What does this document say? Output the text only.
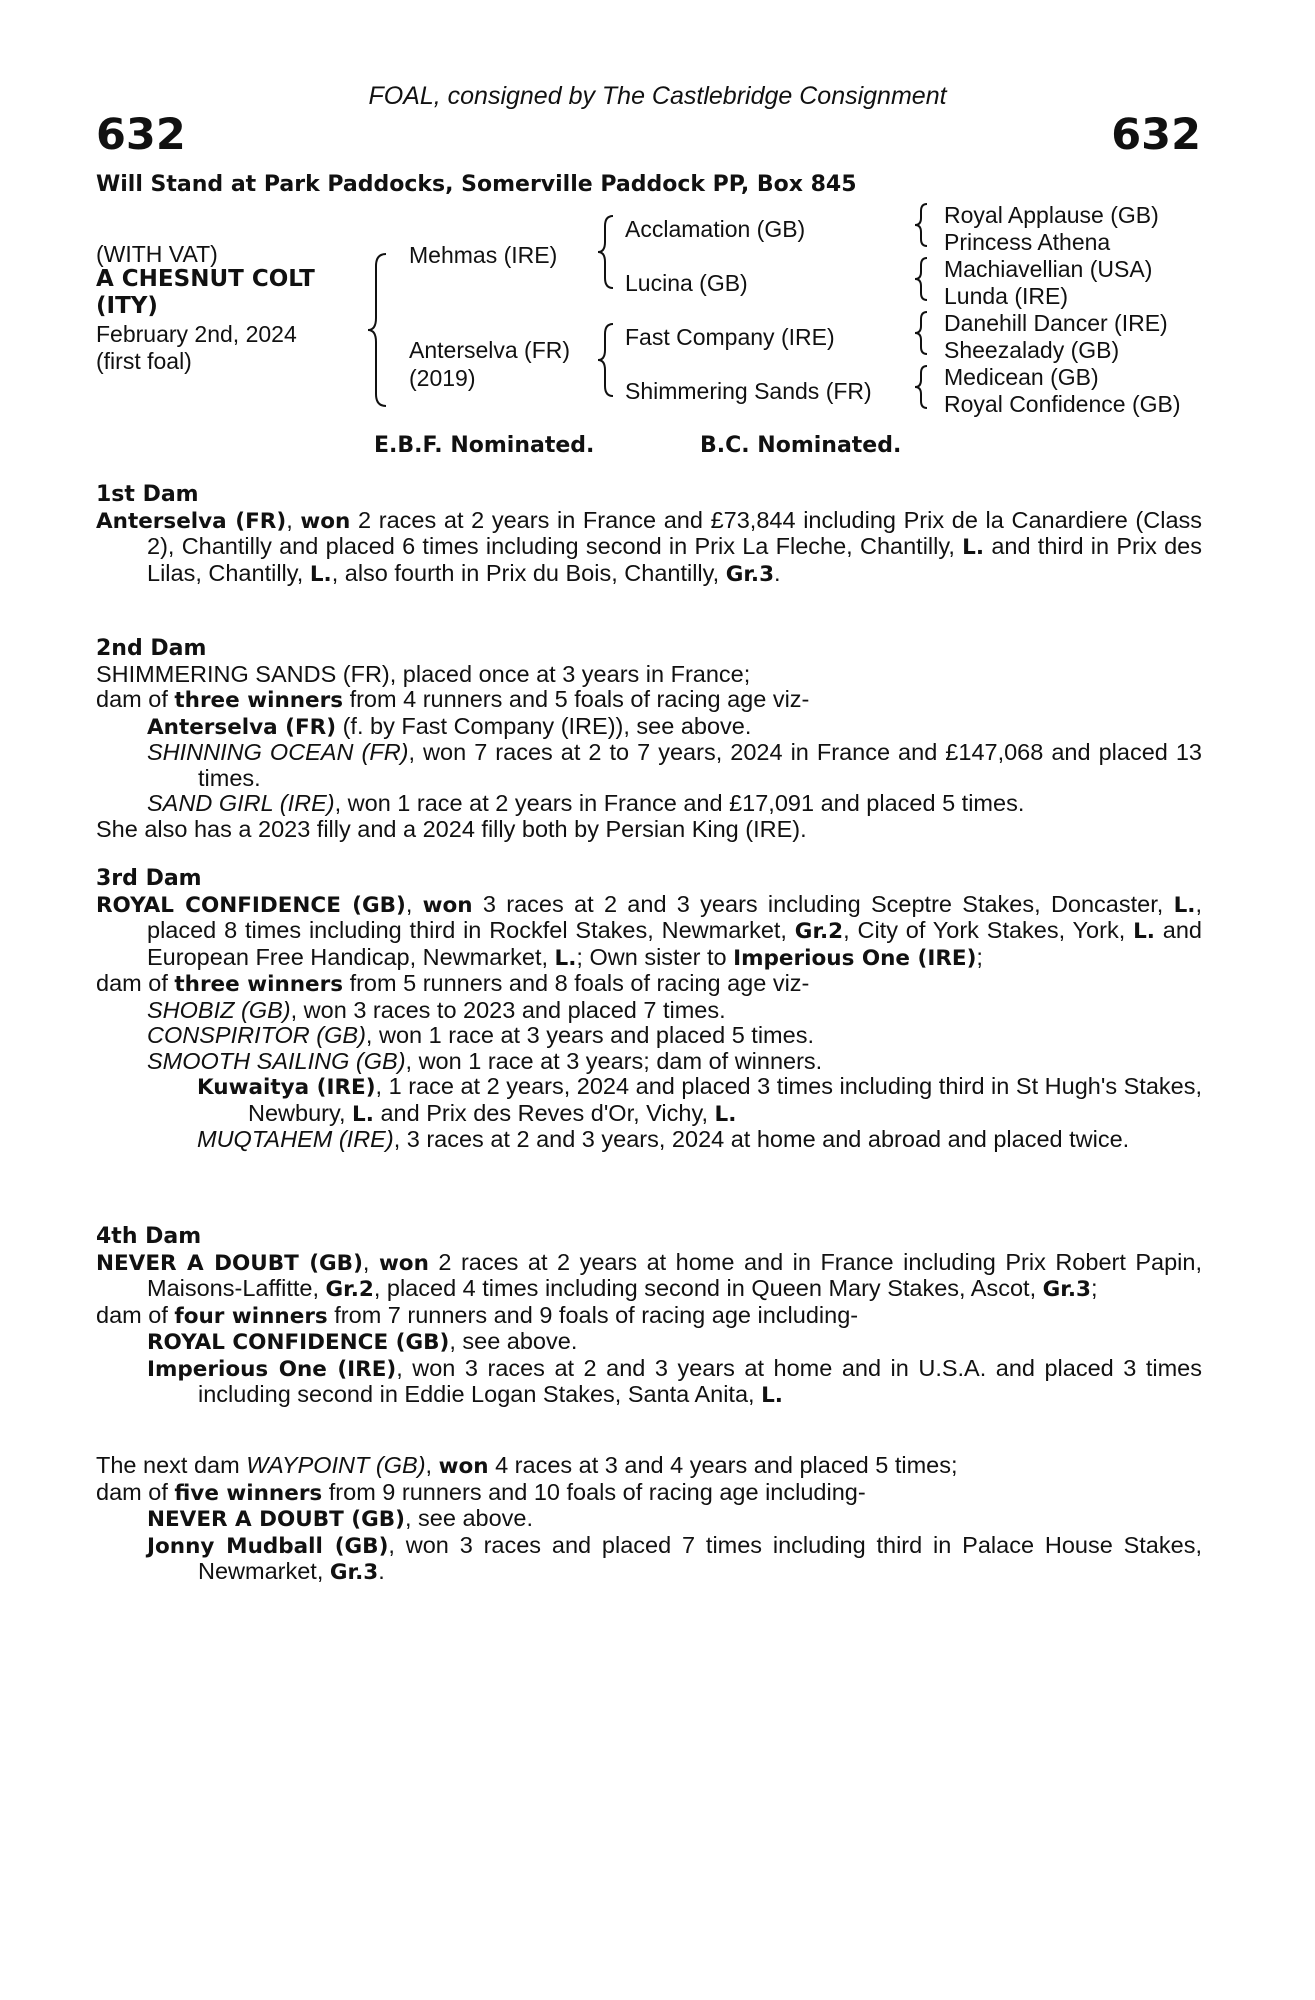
FOAL, consigned by The Castlebridge Consignment
632	632
Will Stand at Park Paddocks, Somerville Paddock PP, Box 845
(WITH VAT)
A CHESNUT COLT
(ITY)
February 2nd, 2024
(first foal)
Mehmas (IRE)
Anterselva (FR)
(2019)
Acclamation (GB)
Lucina (GB)
Fast Company (IRE)
Shimmering Sands (FR)
Royal Applause (GB)
Princess Athena
Machiavellian (USA)
Lunda (IRE)
Danehill Dancer (IRE)
Sheezalady (GB)
Medicean (GB)
Royal Confidence (GB)
E.B.F. Nominated.	B.C. Nominated.
1st Dam

Anterselva (FR), won 2 races at 2 years in France and £73,844 including Prix de la Canardiere (Class 2), Chantilly and placed 6 times including second in Prix La Fleche, Chantilly, L. and third in Prix des Lilas, Chantilly, L., also fourth in Prix du Bois, Chantilly, Gr.3.

2nd Dam

SHIMMERING SANDS (FR), placed once at 3 years in France;

dam of three winners from 4 runners and 5 foals of racing age viz-

Anterselva (FR) (f. by Fast Company (IRE)), see above.

SHINNING OCEAN (FR), won 7 races at 2 to 7 years, 2024 in France and £147,068 and placed 13 times.

SAND GIRL (IRE), won 1 race at 2 years in France and £17,091 and placed 5 times.

She also has a 2023 filly and a 2024 filly both by Persian King (IRE).

3rd Dam

ROYAL CONFIDENCE (GB), won 3 races at 2 and 3 years including Sceptre Stakes, Doncaster, L., placed 8 times including third in Rockfel Stakes, Newmarket, Gr.2, City of York Stakes, York, L. and European Free Handicap, Newmarket, L.; Own sister to Imperious One (IRE);

dam of three winners from 5 runners and 8 foals of racing age viz-

SHOBIZ (GB), won 3 races to 2023 and placed 7 times.

CONSPIRITOR (GB), won 1 race at 3 years and placed 5 times.

SMOOTH SAILING (GB), won 1 race at 3 years; dam of winners.

Kuwaitya (IRE), 1 race at 2 years, 2024 and placed 3 times including third in St Hugh's Stakes, Newbury, L. and Prix des Reves d'Or, Vichy, L.

MUQTAHEM (IRE), 3 races at 2 and 3 years, 2024 at home and abroad and placed twice.

4th Dam

NEVER A DOUBT (GB), won 2 races at 2 years at home and in France including Prix Robert Papin, Maisons-Laffitte, Gr.2, placed 4 times including second in Queen Mary Stakes, Ascot, Gr.3;

dam of four winners from 7 runners and 9 foals of racing age including-

ROYAL CONFIDENCE (GB), see above.

Imperious One (IRE), won 3 races at 2 and 3 years at home and in U.S.A. and placed 3 times including second in Eddie Logan Stakes, Santa Anita, L.

The next dam WAYPOINT (GB), won 4 races at 3 and 4 years and placed 5 times;

dam of five winners from 9 runners and 10 foals of racing age including-

NEVER A DOUBT (GB), see above.

Jonny Mudball (GB), won 3 races and placed 7 times including third in Palace House Stakes, Newmarket, Gr.3.
